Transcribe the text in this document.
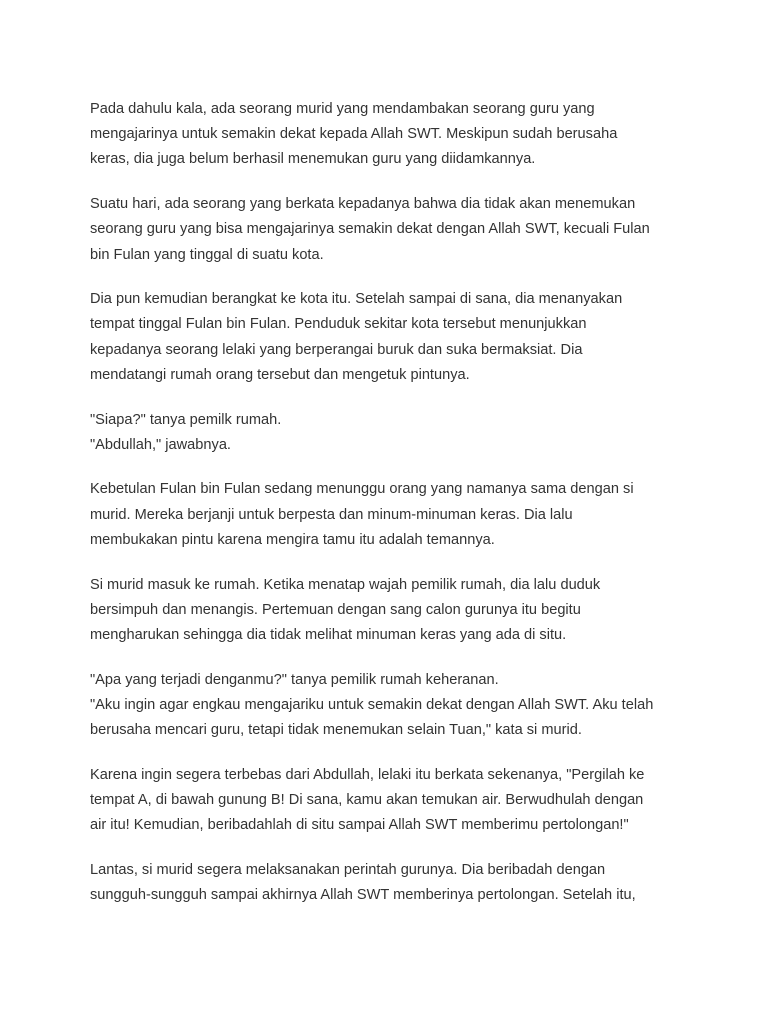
Pada dahulu kala, ada seorang murid yang mendambakan seorang guru yang
mengajarinya untuk semakin dekat kepada Allah SWT. Meskipun sudah berusaha
keras, dia juga belum berhasil menemukan guru yang diidamkannya.

Suatu hari, ada seorang yang berkata kepadanya bahwa dia tidak akan menemukan
seorang guru yang bisa mengajarinya semakin dekat dengan Allah SWT, kecuali Fulan
bin Fulan yang tinggal di suatu kota.

Dia pun kemudian berangkat ke kota itu. Setelah sampai di sana, dia menanyakan
tempat tinggal Fulan bin Fulan. Penduduk sekitar kota tersebut menunjukkan
kepadanya seorang lelaki yang berperangai buruk dan suka bermaksiat. Dia
mendatangi rumah orang tersebut dan mengetuk pintunya.

"Siapa?" tanya pemilk rumah.
"Abdullah," jawabnya.

Kebetulan Fulan bin Fulan sedang menunggu orang yang namanya sama dengan si
murid. Mereka berjanji untuk berpesta dan minum-minuman keras. Dia lalu
membukakan pintu karena mengira tamu itu adalah temannya.

Si murid masuk ke rumah. Ketika menatap wajah pemilik rumah, dia lalu duduk
bersimpuh dan menangis. Pertemuan dengan sang calon gurunya itu begitu
mengharukan sehingga dia tidak melihat minuman keras yang ada di situ.

"Apa yang terjadi denganmu?" tanya pemilik rumah keheranan.
"Aku ingin agar engkau mengajariku untuk semakin dekat dengan Allah SWT. Aku telah
berusaha mencari guru, tetapi tidak menemukan selain Tuan," kata si murid.

Karena ingin segera terbebas dari Abdullah, lelaki itu berkata sekenanya, "Pergilah ke
tempat A, di bawah gunung B! Di sana, kamu akan temukan air. Berwudhulah dengan
air itu! Kemudian, beribadahlah di situ sampai Allah SWT memberimu pertolongan!"

Lantas, si murid segera melaksanakan perintah gurunya. Dia beribadah dengan
sungguh-sungguh sampai akhirnya Allah SWT memberinya pertolongan. Setelah itu,
